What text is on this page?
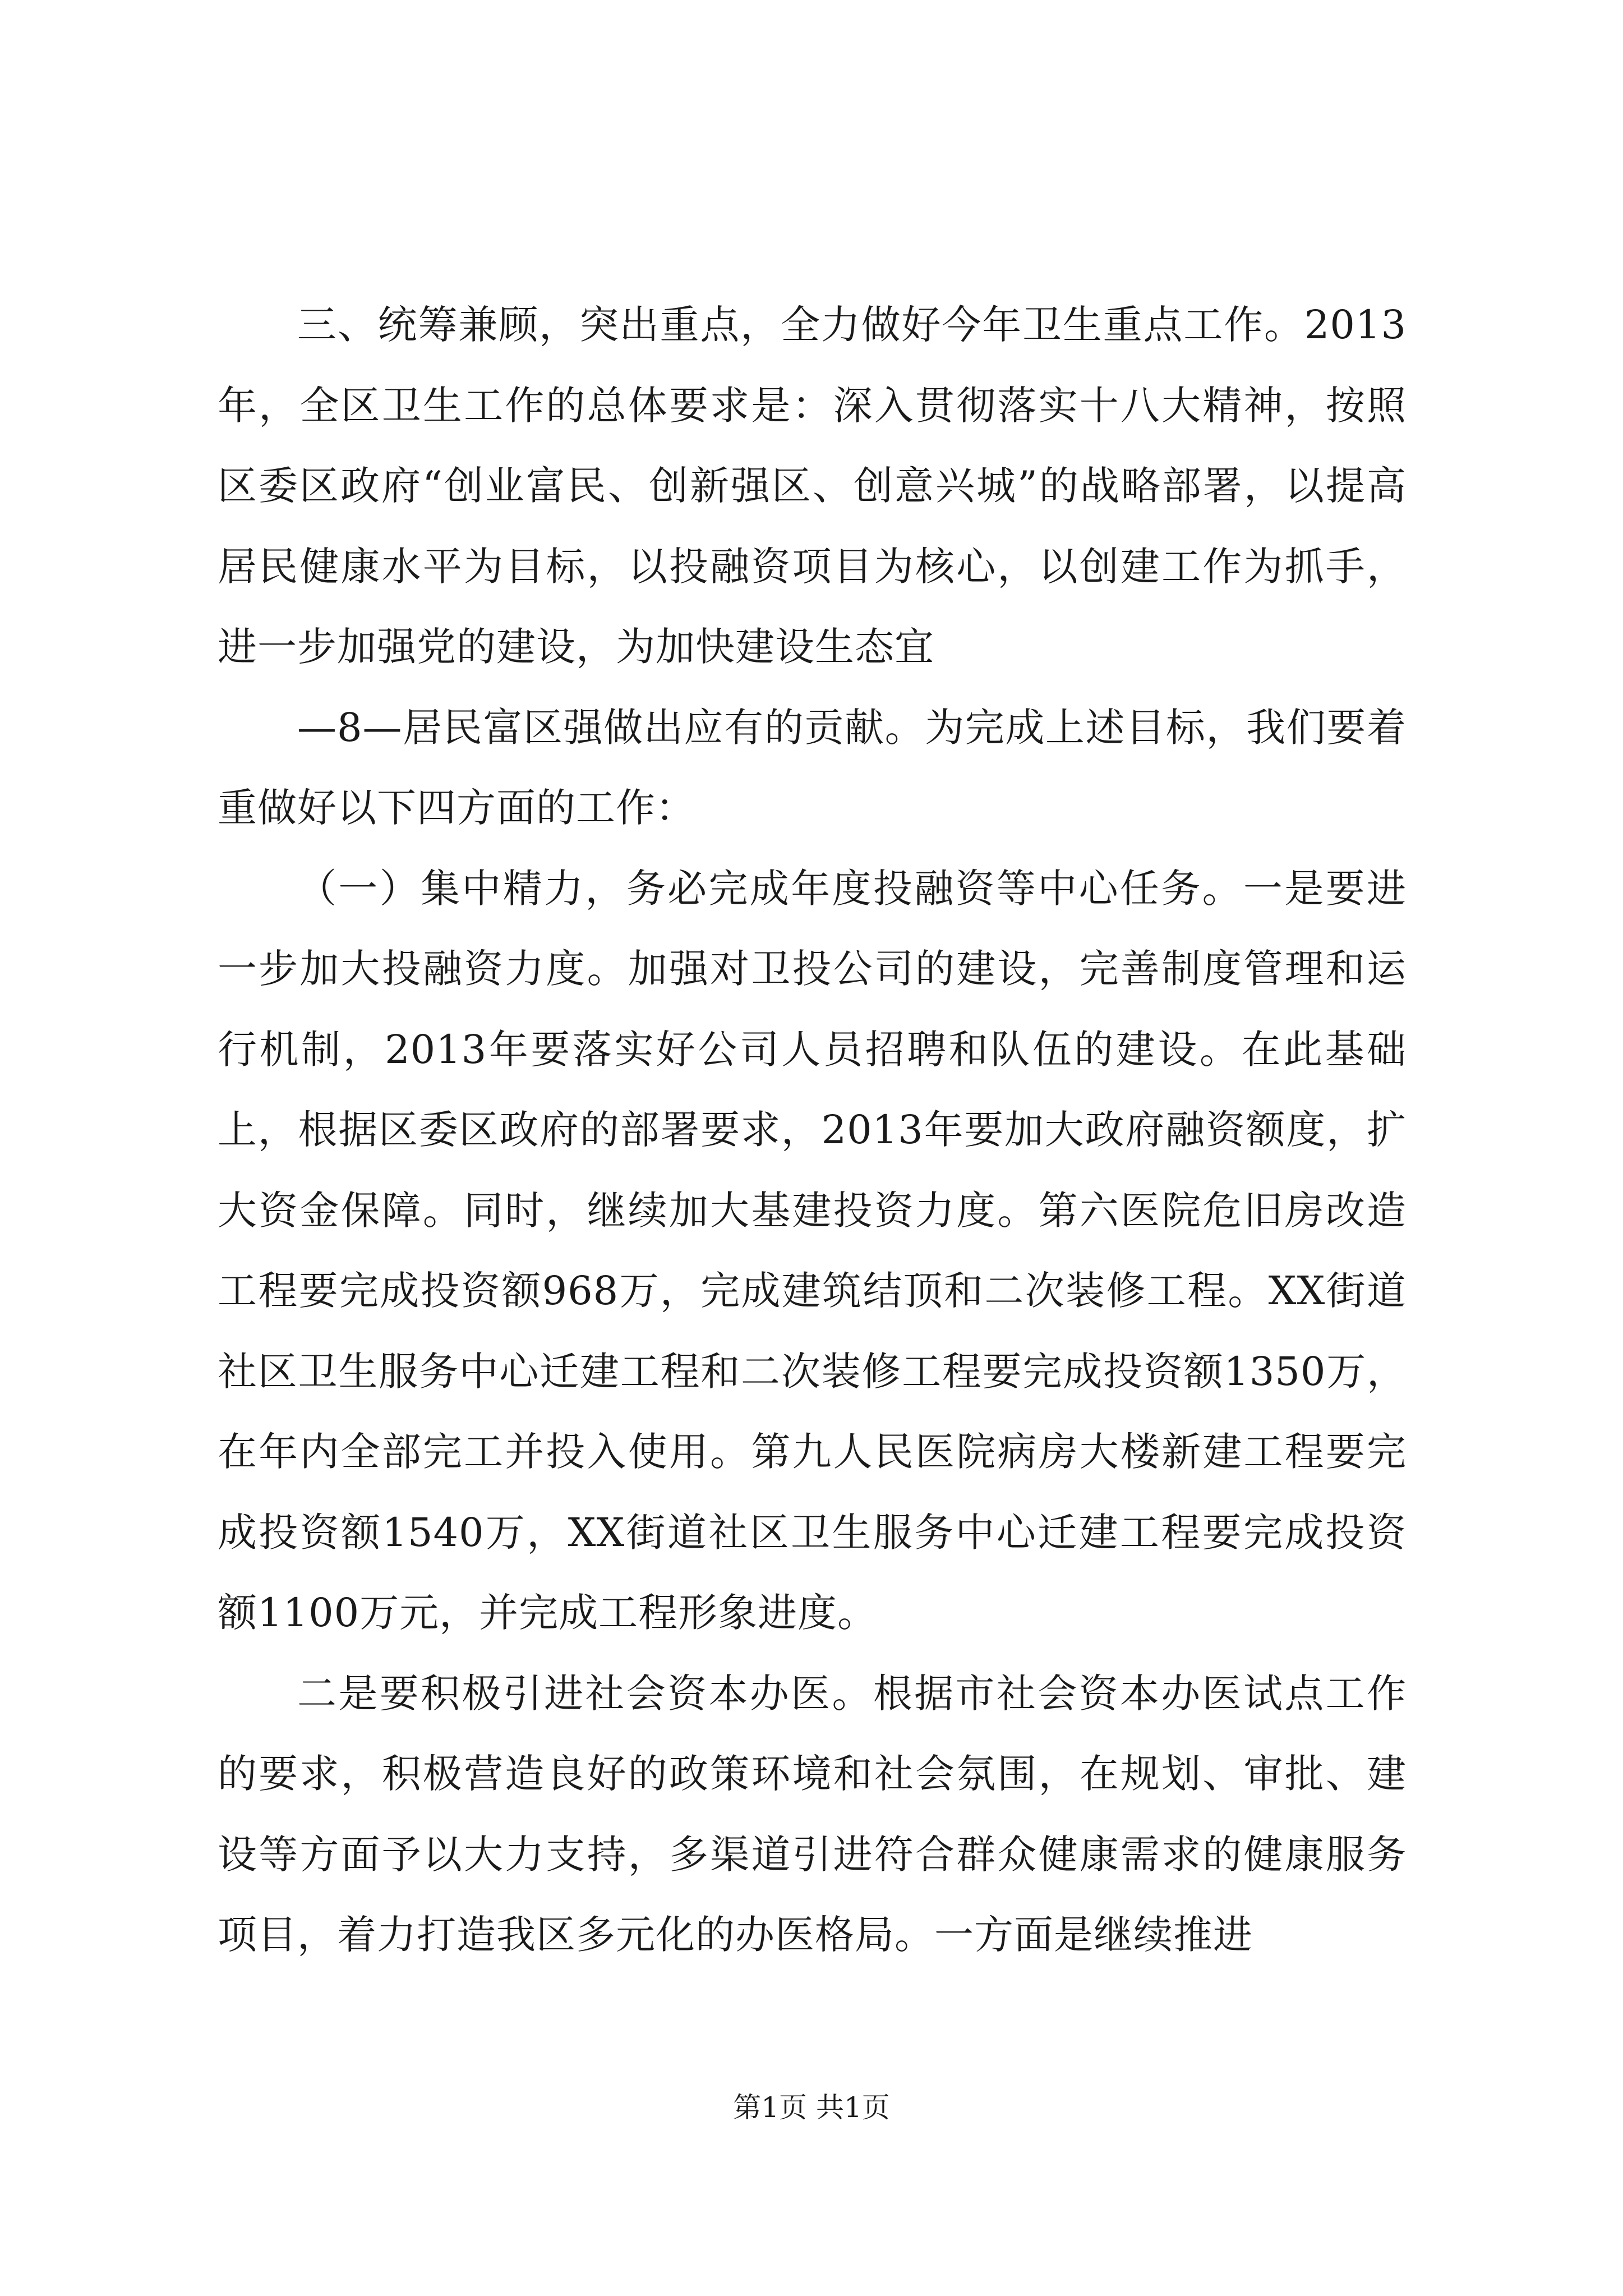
三、统筹兼顾，突出重点，全力做好今年卫生重点工作。2013年，全区卫生工作的总体要求是：深入贯彻落实十八大精神，按照区委区政府“创业富民、创新强区、创意兴城”的战略部署，以提高居民健康水平为目标，以投融资项目为核心，以创建工作为抓手，进一步加强党的建设，为加快建设生态宜

—8—居民富区强做出应有的贡献。为完成上述目标，我们要着重做好以下四方面的工作：

（一）集中精力，务必完成年度投融资等中心任务。一是要进一步加大投融资力度。加强对卫投公司的建设，完善制度管理和运行机制，2013年要落实好公司人员招聘和队伍的建设。在此基础上，根据区委区政府的部署要求，2013年要加大政府融资额度，扩大资金保障。同时，继续加大基建投资力度。第六医院危旧房改造工程要完成投资额968万，完成建筑结顶和二次装修工程。XX街道社区卫生服务中心迁建工程和二次装修工程要完成投资额1350万，在年内全部完工并投入使用。第九人民医院病房大楼新建工程要完成投资额1540万，XX街道社区卫生服务中心迁建工程要完成投资额1100万元，并完成工程形象进度。

二是要积极引进社会资本办医。根据市社会资本办医试点工作的要求，积极营造良好的政策环境和社会氛围，在规划、审批、建设等方面予以大力支持，多渠道引进符合群众健康需求的健康服务项目，着力打造我区多元化的办医格局。一方面是继续推进

第1页 共1页
